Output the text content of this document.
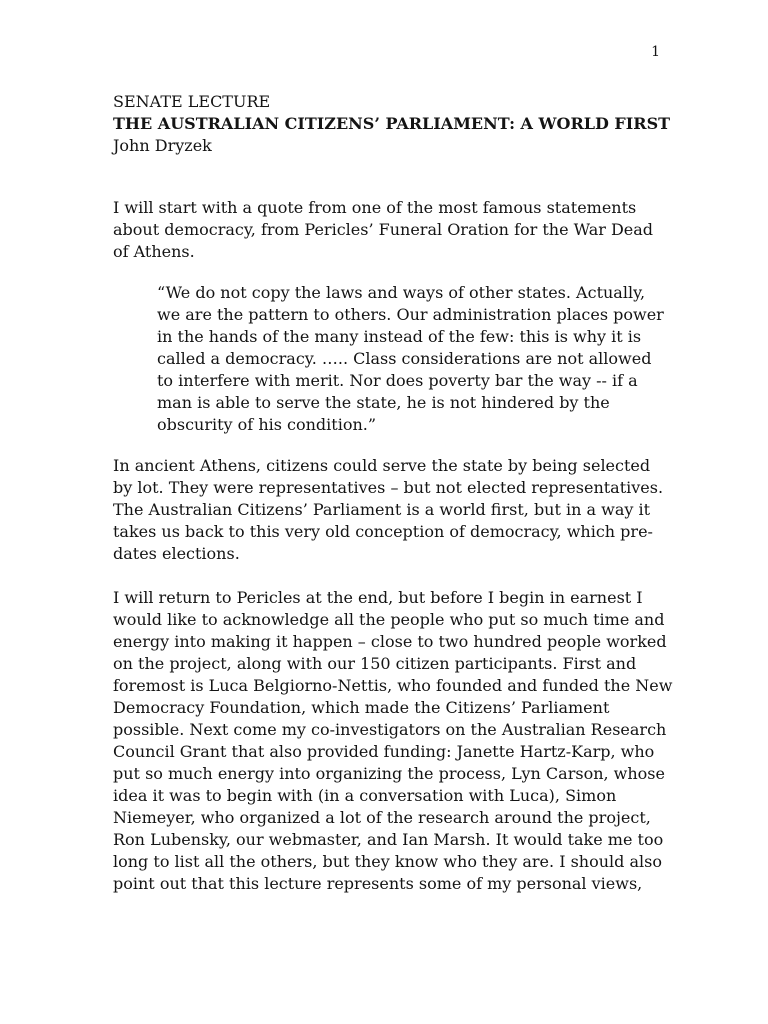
1
SENATE LECTURE
THE AUSTRALIAN CITIZENS’ PARLIAMENT: A WORLD FIRST
John Dryzek

I will start with a quote from one of the most famous statements about democracy, from Pericles’ Funeral Oration for the War Dead of Athens.

“We do not copy the laws and ways of other states. Actually, we are the pattern to others. Our administration places power in the hands of the many instead of the few: this is why it is called a democracy. ….. Class considerations are not allowed to interfere with merit. Nor does poverty bar the way -- if a man is able to serve the state, he is not hindered by the obscurity of his condition.”

In ancient Athens, citizens could serve the state by being selected by lot. They were representatives – but not elected representatives. The Australian Citizens’ Parliament is a world first, but in a way it takes us back to this very old conception of democracy, which pre-dates elections.

I will return to Pericles at the end, but before I begin in earnest I would like to acknowledge all the people who put so much time and energy into making it happen – close to two hundred people worked on the project, along with our 150 citizen participants. First and foremost is Luca Belgiorno-Nettis, who founded and funded the New Democracy Foundation, which made the Citizens’ Parliament possible. Next come my co-investigators on the Australian Research Council Grant that also provided funding: Janette Hartz-Karp, who put so much energy into organizing the process, Lyn Carson, whose idea it was to begin with (in a conversation with Luca), Simon Niemeyer, who organized a lot of the research around the project, Ron Lubensky, our webmaster, and Ian Marsh. It would take me too long to list all the others, but they know who they are. I should also point out that this lecture represents some of my personal views,
